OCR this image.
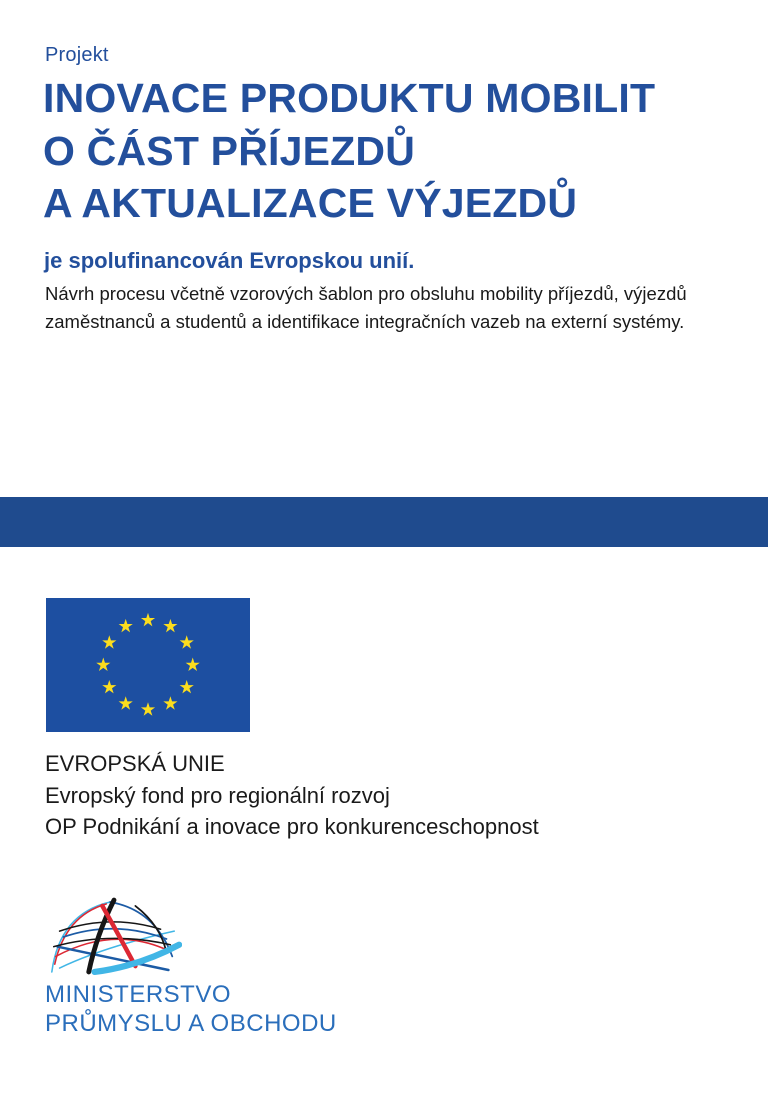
Projekt
INOVACE PRODUKTU MOBILIT
O ČÁST PŘÍJEZDŮ
A AKTUALIZACE VÝJEZDŮ
je spolufinancován Evropskou unií.
Návrh procesu včetně vzorových šablon pro obsluhu mobility příjezdů, výjezdů
zaměstnanců a studentů a identifikace integračních vazeb na externí systémy.
EVROPSKÁ UNIE
Evropský fond pro regionální rozvoj
OP Podnikání a inovace pro konkurenceschopnost
MINISTERSTVO
PRŮMYSLU A OBCHODU
